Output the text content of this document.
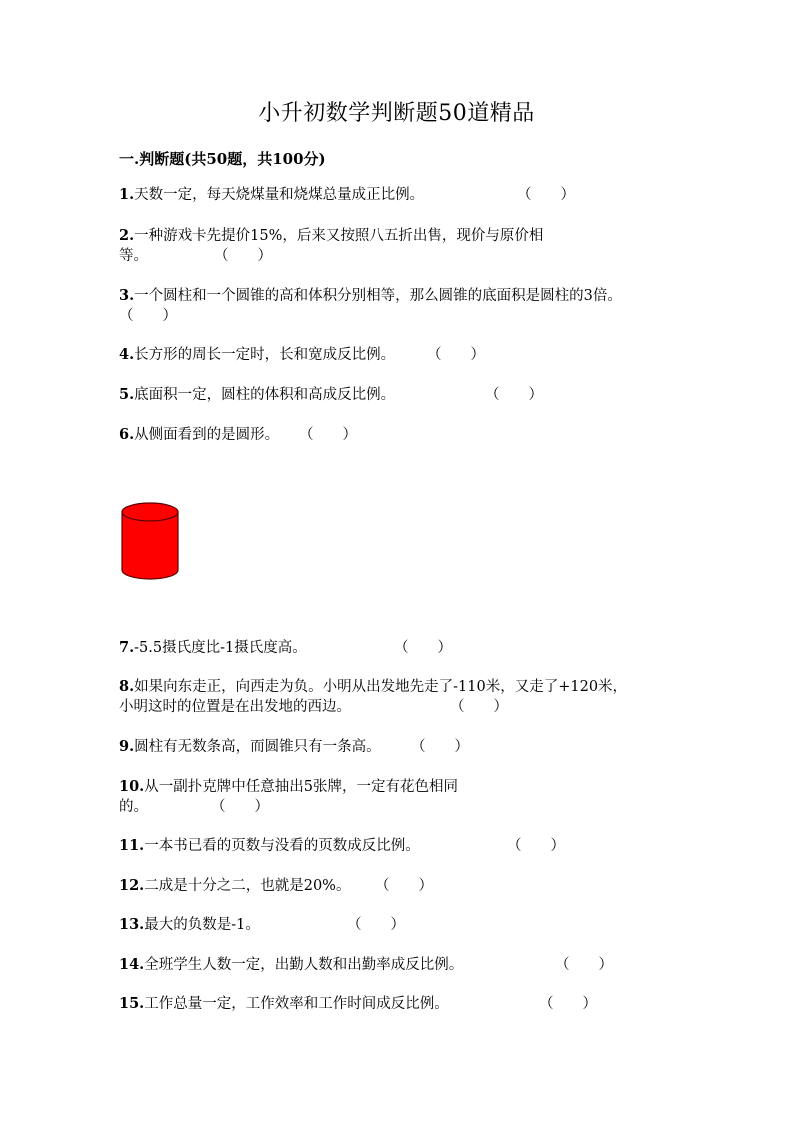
小升初数学判断题50道精品
一.判断题(共50题，共100分)
1.天数一定，每天烧煤量和烧煤总量成正比例。	（　　）
2.一种游戏卡先提价15%，后来又按照八五折出售，现价与原价相
等。	（　　）
3.一个圆柱和一个圆锥的高和体积分别相等，那么圆锥的底面积是圆柱的3倍。
（　　）
4.长方形的周长一定时，长和宽成反比例。 （　　）
5.底面积一定，圆柱的体积和高成反比例。	（　　）
6.从侧面看到的是圆形。 （　　）
7.-5.5摄氏度比-1摄氏度高。	（　　）
8.如果向东走正，向西走为负。小明从出发地先走了-110米，又走了+120米，
小明这时的位置是在出发地的西边。	（　　）
9.圆柱有无数条高，而圆锥只有一条高。 （　　）
10.从一副扑克牌中任意抽出5张牌，一定有花色相同
的。	（　　）
11.一本书已看的页数与没看的页数成反比例。	（　　）
12.二成是十分之二，也就是20%。 （　　）
13.最大的负数是-1。	（　　）
14.全班学生人数一定，出勤人数和出勤率成反比例。	（　　）
15.工作总量一定，工作效率和工作时间成反比例。	（　　）
